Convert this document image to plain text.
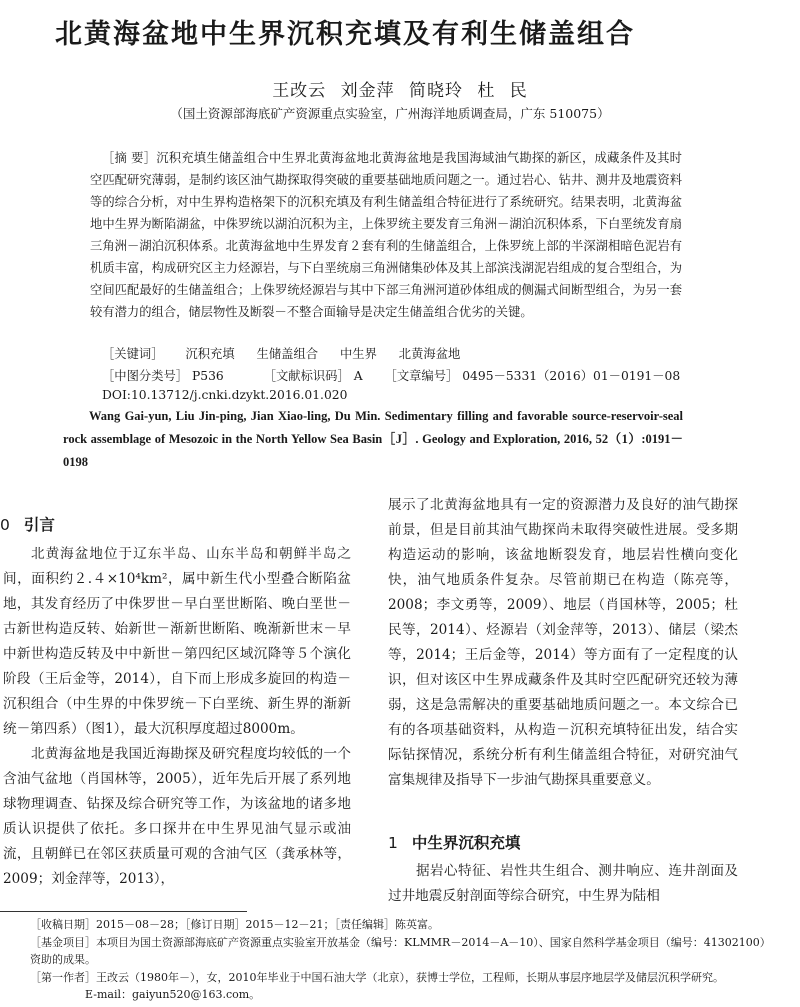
北黄海盆地中生界沉积充填及有利生储盖组合
王改云 刘金萍 简晓玲 杜 民
（国土资源部海底矿产资源重点实验室，广州海洋地质调查局，广东 510075）

［摘 要］沉积充填生储盖组合中生界北黄海盆地北黄海盆地是我国海域油气勘探的新区，成藏条件及其时空匹配研究薄弱，是制约该区油气勘探取得突破的重要基础地质问题之一。通过岩心、钻井、测井及地震资料等的综合分析，对中生界构造格架下的沉积充填及有利生储盖组合特征进行了系统研究。结果表明，北黄海盆地中生界为断陷湖盆，中侏罗统以湖泊沉积为主，上侏罗统主要发育三角洲－湖泊沉积体系，下白垩统发育扇三角洲－湖泊沉积体系。北黄海盆地中生界发育２套有利的生储盖组合，上侏罗统上部的半深湖相暗色泥岩有机质丰富，构成研究区主力烃源岩，与下白垩统扇三角洲储集砂体及其上部滨浅湖泥岩组成的复合型组合，为空间匹配最好的生储盖组合；上侏罗统烃源岩与其中下部三角洲河道砂体组成的侧漏式间断型组合，为另一套较有潜力的组合，储层物性及断裂－不整合面输导是决定生储盖组合优劣的关键。

［关键词］ 沉积充填 生储盖组合 中生界 北黄海盆地
［中图分类号］ P536	［文献标识码］ A ［文章编号］ 0495－5331（2016）01－0191－08
DOI:10.13712/j.cnki.dzykt.2016.01.020

Wang Gai-yun, Liu Jin-ping, Jian Xiao-ling, Du Min. Sedimentary filling and favorable source-reservoir-seal rock assemblage of Mesozoic in the North Yellow Sea Basin［J］. Geology and Exploration, 2016, 52（1）:0191－0198

0 引言

北黄海盆地位于辽东半岛、山东半岛和朝鲜半岛之间，面积约２.４×10⁴km²，属中新生代小型叠合断陷盆地，其发育经历了中侏罗世－早白垩世断陷、晚白垩世－古新世构造反转、始新世－渐新世断陷、晚渐新世末－早中新世构造反转及中中新世－第四纪区域沉降等５个演化阶段（王后金等，2014），自下而上形成多旋回的构造－沉积组合（中生界的中侏罗统－下白垩统、新生界的渐新统－第四系）（图1），最大沉积厚度超过8000m。

北黄海盆地是我国近海勘探及研究程度均较低的一个含油气盆地（肖国林等，2005），近年先后开展了系列地球物理调查、钻探及综合研究等工作，为该盆地的诸多地质认识提供了依托。多口探井在中生界见油气显示或油流，且朝鲜已在邻区获质量可观的含油气区（龚承林等，2009；刘金萍等，2013），

展示了北黄海盆地具有一定的资源潜力及良好的油气勘探前景，但是目前其油气勘探尚未取得突破性进展。受多期构造运动的影响，该盆地断裂发育，地层岩性横向变化快，油气地质条件复杂。尽管前期已在构造（陈亮等，2008；李文勇等，2009）、地层（肖国林等，2005；杜民等，2014）、烃源岩（刘金萍等，2013）、储层（梁杰等，2014；王后金等，2014）等方面有了一定程度的认识，但对该区中生界成藏条件及其时空匹配研究还较为薄弱，这是急需解决的重要基础地质问题之一。本文综合已有的各项基础资料，从构造－沉积充填特征出发，结合实际钻探情况，系统分析有利生储盖组合特征，对研究油气富集规律及指导下一步油气勘探具重要意义。

1 中生界沉积充填

据岩心特征、岩性共生组合、测井响应、连井剖面及过井地震反射剖面等综合研究，中生界为陆相

［收稿日期］2015－08－28；［修订日期］2015－12－21；［责任编辑］陈英富。
［基金项目］本项目为国土资源部海底矿产资源重点实验室开放基金（编号：KLMMR－2014－A－10）、国家自然科学基金项目（编号：41302100）资助的成果。
［第一作者］王改云（1980年－），女，2010年毕业于中国石油大学（北京），获博士学位，工程师，长期从事层序地层学及储层沉积学研究。
E-mail：gaiyun520@163.com。
